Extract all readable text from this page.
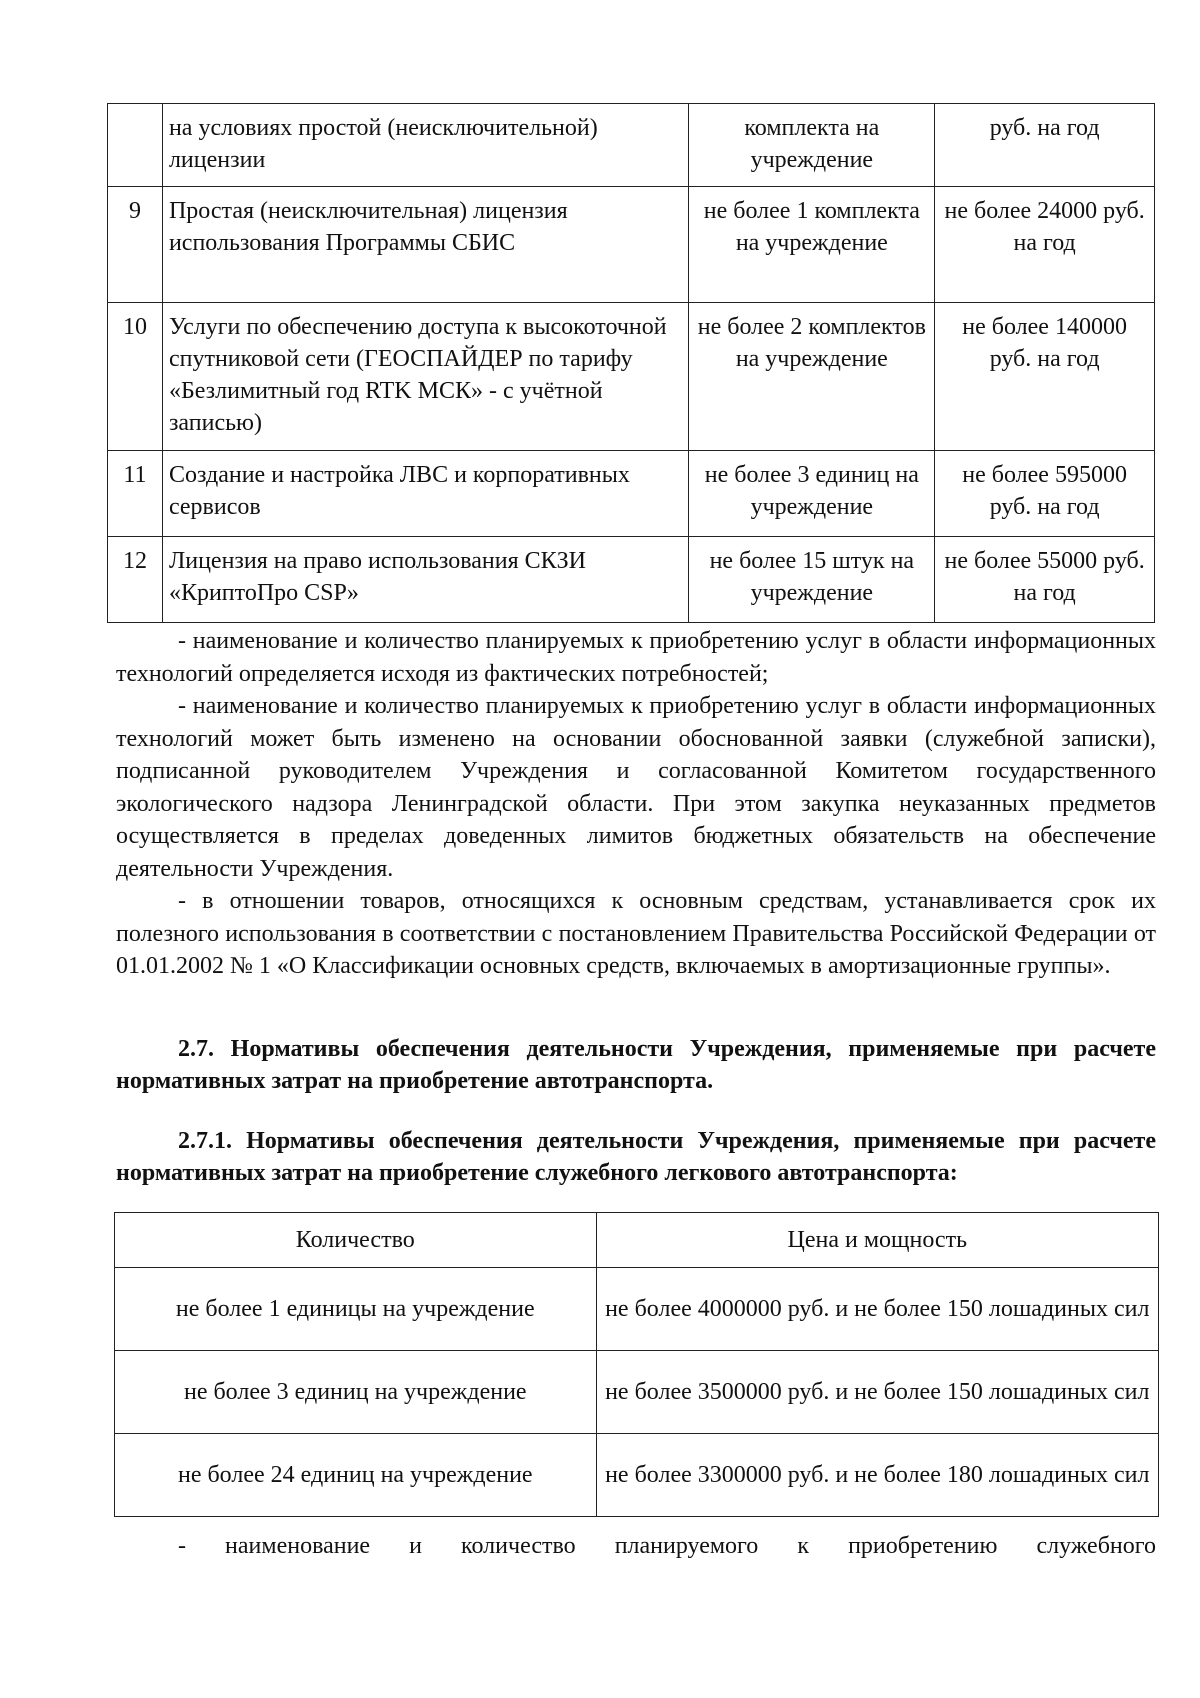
	на условиях простой (неисключительной) лицензии	комплекта на учреждение	руб. на год
9	Простая (неисключительная) лицензия использования Программы СБИС	не более 1 комплекта на учреждение	не более 24000 руб. на год
10	Услуги по обеспечению доступа к высокоточной спутниковой сети (ГЕОСПАЙДЕР по тарифу «Безлимитный год RTK МСК» - с учётной записью)	не более 2 комплектов на учреждение	не более 140000 руб. на год
11	Создание и настройка ЛВС и корпоративных сервисов	не более 3 единиц на учреждение	не более 595000 руб. на год
12	Лицензия на право использования СКЗИ «КриптоПро CSP»	не более 15 штук на учреждение	не более 55000 руб. на год

- наименование и количество планируемых к приобретению услуг в области информационных технологий определяется исходя из фактических потребностей;

- наименование и количество планируемых к приобретению услуг в области информационных технологий может быть изменено на основании обоснованной заявки (служебной записки), подписанной руководителем Учреждения и согласованной Комитетом государственного экологического надзора Ленинградской области. При этом закупка неуказанных предметов осуществляется в пределах доведенных лимитов бюджетных обязательств на обеспечение деятельности Учреждения.

- в отношении товаров, относящихся к основным средствам, устанавливается срок их полезного использования в соответствии с постановлением Правительства Российской Федерации от 01.01.2002 № 1 «О Классификации основных средств, включаемых в амортизационные группы».

2.7. Нормативы обеспечения деятельности Учреждения, применяемые при расчете нормативных затрат на приобретение автотранспорта.

2.7.1. Нормативы обеспечения деятельности Учреждения, применяемые при расчете нормативных затрат на приобретение служебного легкового автотранспорта:

Количество	Цена и мощность
не более 1 единицы на учреждение	не более 4000000 руб. и не более 150 лошадиных сил
не более 3 единиц на учреждение	не более 3500000 руб. и не более 150 лошадиных сил
не более 24 единиц на учреждение	не более 3300000 руб. и не более 180 лошадиных сил

- наименование и количество планируемого к приобретению служебного
